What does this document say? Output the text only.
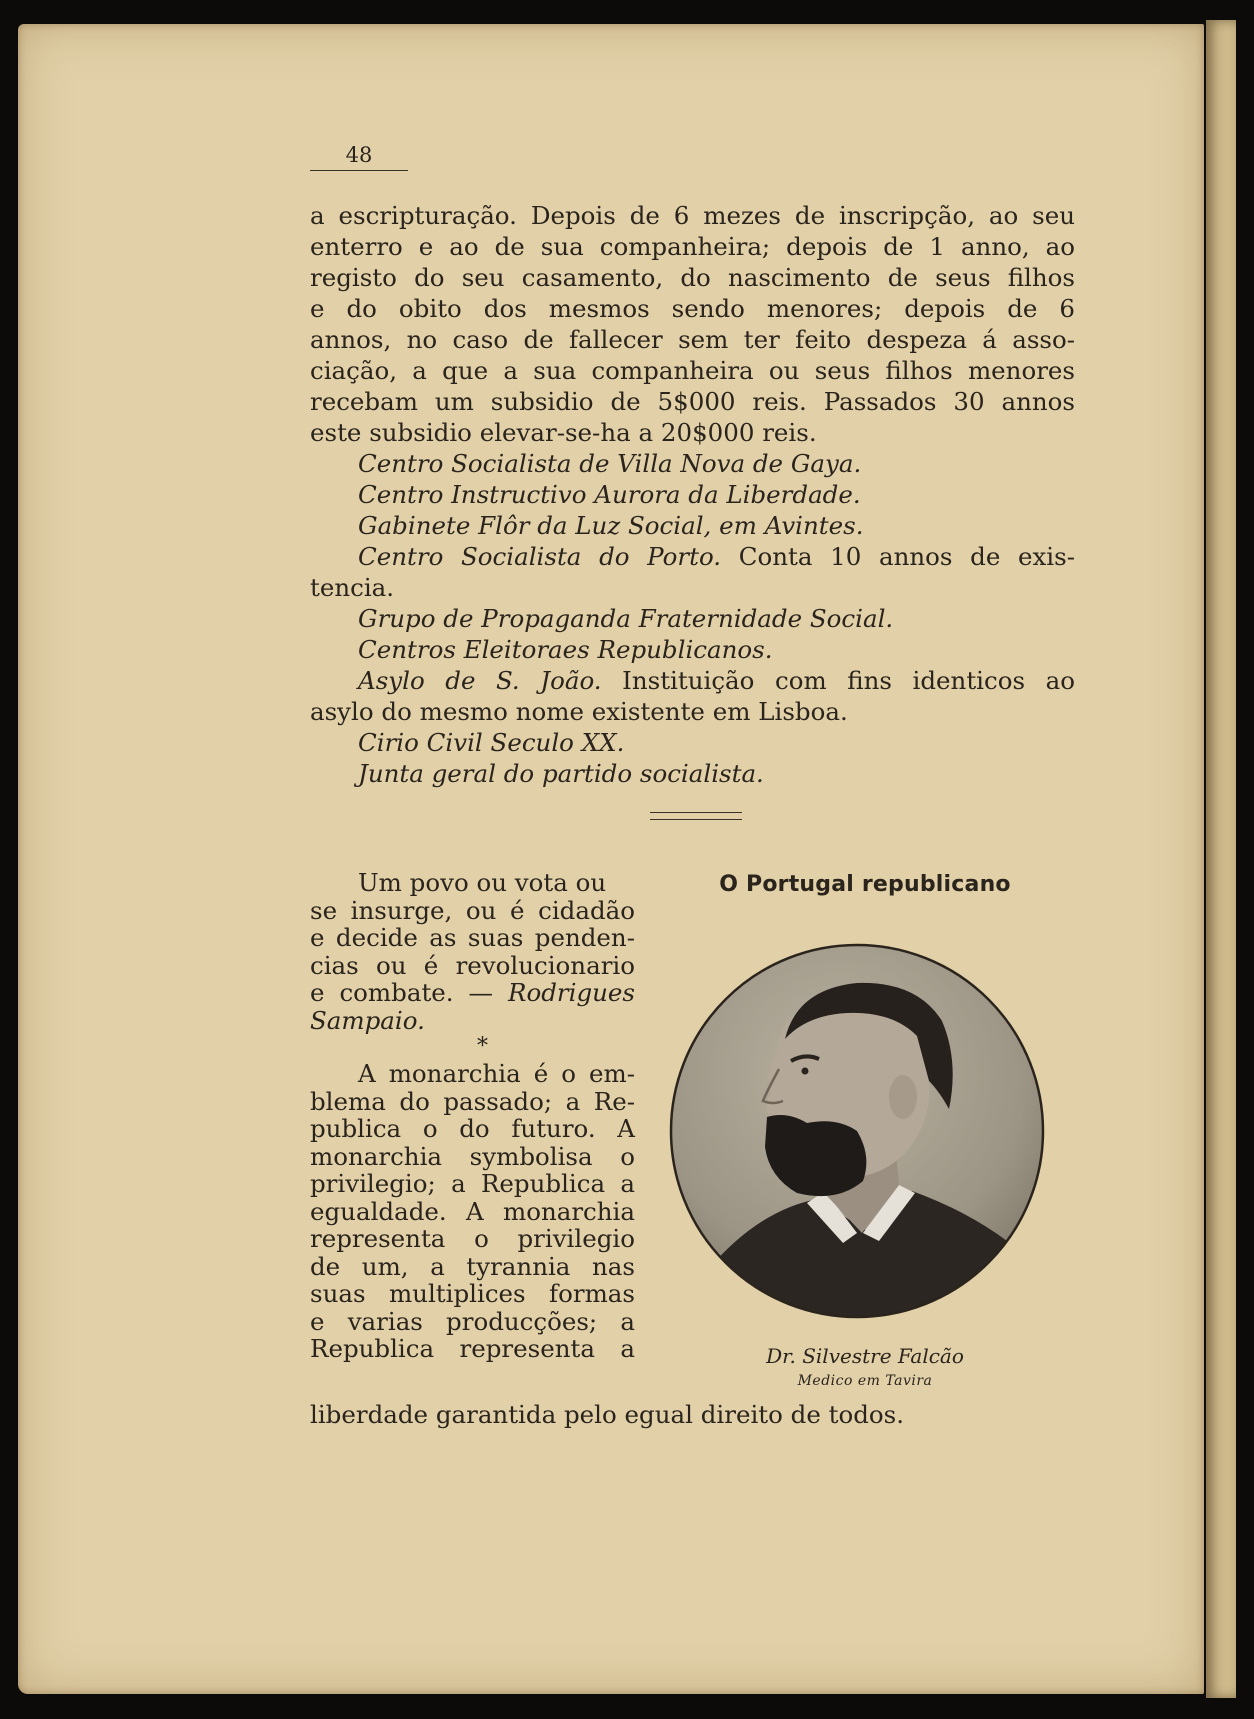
48
a escripturação. Depois de 6 mezes de inscripção, ao seu
enterro e ao de sua companheira; depois de 1 anno, ao
registo do seu casamento, do nascimento de seus filhos
e do obito dos mesmos sendo menores; depois de 6
annos, no caso de fallecer sem ter feito despeza á asso-
ciação, a que a sua companheira ou seus filhos menores
recebam um subsidio de 5$000 reis. Passados 30 annos
este subsidio elevar-se-ha a 20$000 reis.
Centro Socialista de Villa Nova de Gaya.
Centro Instructivo Aurora da Liberdade.
Gabinete Flôr da Luz Social, em Avintes.
Centro Socialista do Porto. Conta 10 annos de exis-
tencia.
Grupo de Propaganda Fraternidade Social.
Centros Eleitoraes Republicanos.
Asylo de S. João. Instituição com fins identicos ao
asylo do mesmo nome existente em Lisboa.
Cirio Civil Seculo XX.
Junta geral do partido socialista.
Um povo ou vota ou
se insurge, ou é cidadão
e decide as suas penden-
cias ou é revolucionario
e combate. — Rodrigues
Sampaio.
*
A monarchia é o em-
blema do passado; a Re-
publica o do futuro. A
monarchia symbolisa o
privilegio; a Republica a
egualdade. A monarchia
representa o privilegio
de um, a tyrannia nas
suas multiplices formas
e varias producções; a
Republica representa a
liberdade garantida pelo egual direito de todos.
O Portugal republicano
Dr. Silvestre Falcão
Medico em Tavira
